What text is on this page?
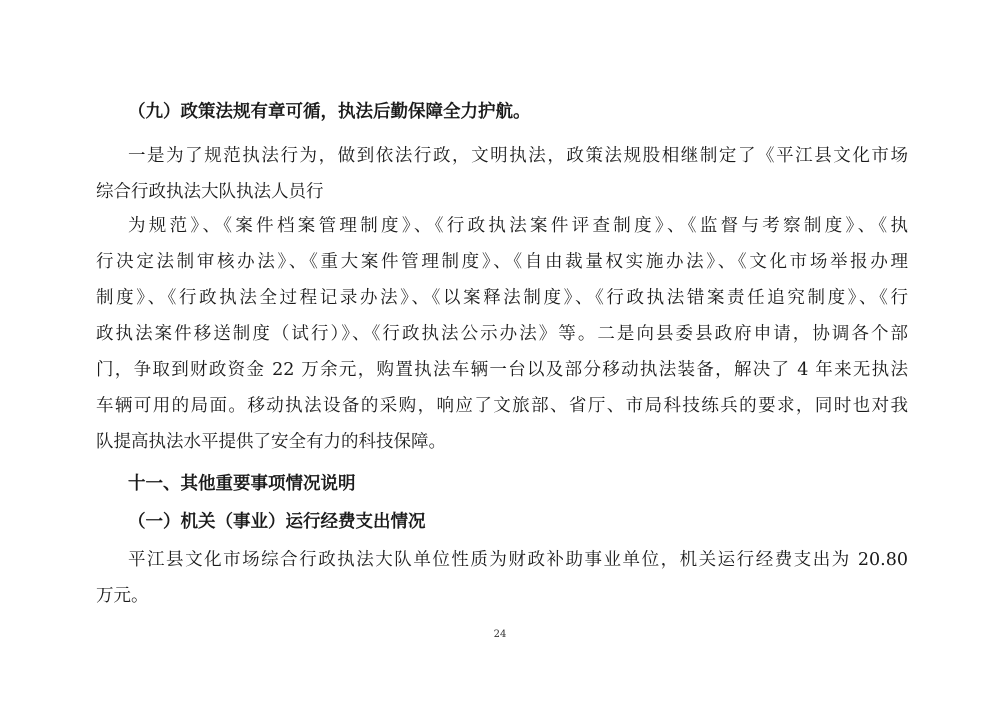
（九）政策法规有章可循，执法后勤保障全力护航。
一是为了规范执法行为，做到依法行政，文明执法，政策法规股相继制定了《平江县文化市场
综合行政执法大队执法人员行
为规范》、《案件档案管理制度》、《行政执法案件评查制度》、《监督与考察制度》、《执
行决定法制审核办法》、《重大案件管理制度》、《自由裁量权实施办法》、《文化市场举报办理
制度》、《行政执法全过程记录办法》、《以案释法制度》、《行政执法错案责任追究制度》、《行
政执法案件移送制度（试行）》、《行政执法公示办法》等。二是向县委县政府申请，协调各个部
门，争取到财政资金 22 万余元，购置执法车辆一台以及部分移动执法装备，解决了 4 年来无执法
车辆可用的局面。移动执法设备的采购，响应了文旅部、省厅、市局科技练兵的要求，同时也对我
队提高执法水平提供了安全有力的科技保障。
十一、其他重要事项情况说明
（一）机关（事业）运行经费支出情况
平江县文化市场综合行政执法大队单位性质为财政补助事业单位，机关运行经费支出为 20.80
万元。
24
